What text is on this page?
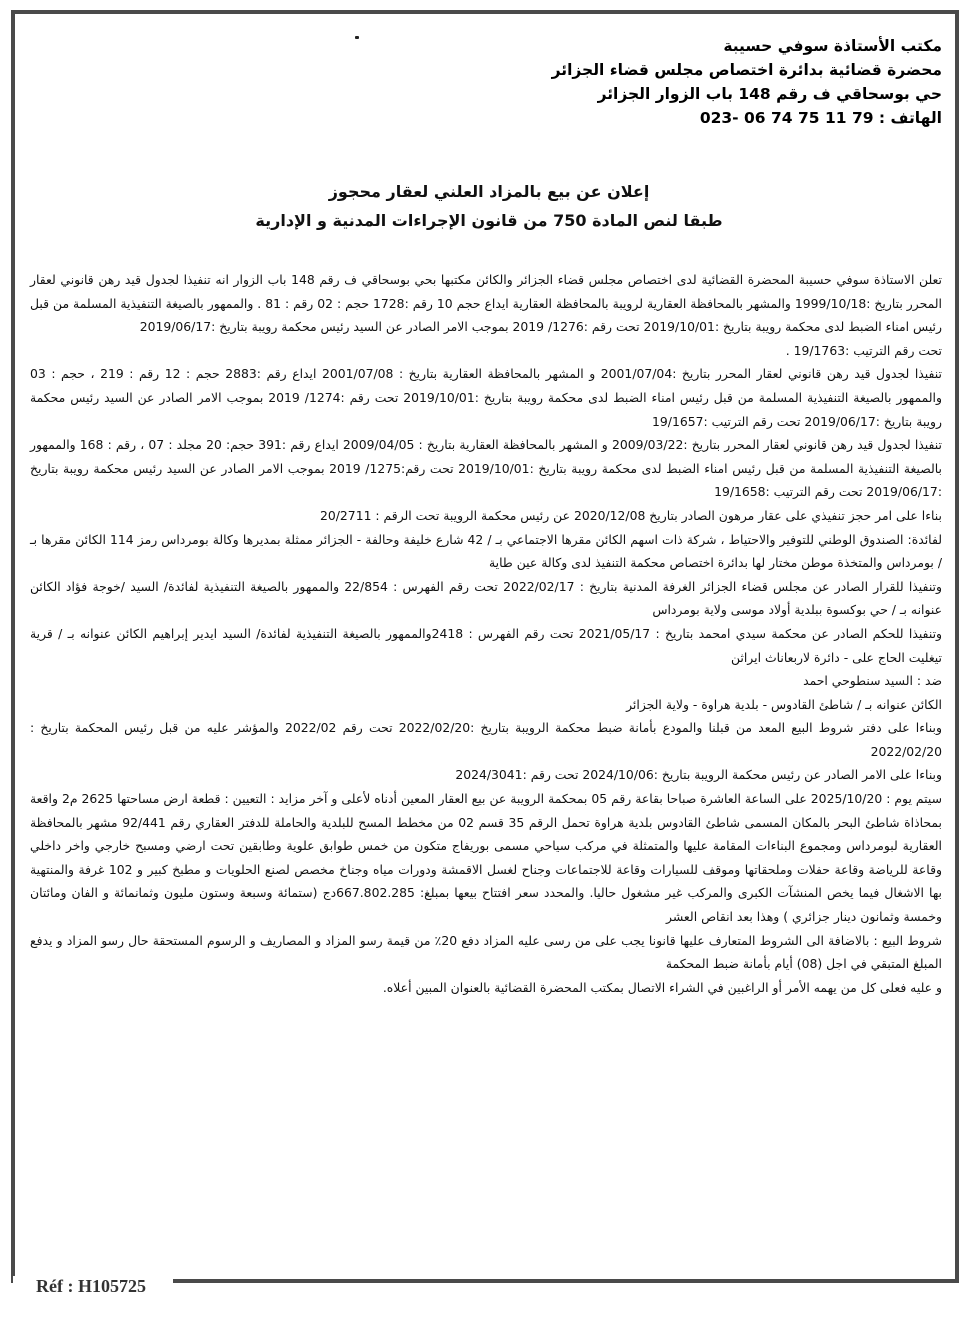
مكتب الأستاذة سوفي حسيبة
محضرة قضائية بدائرة اختصاص مجلس قضاء الجزائر
حي بوسحاقي ف رقم 148 باب الزوار الجزائر
الهاتف : 79 11 75 74 06 -023
إعلان عن بيع بالمزاد العلني لعقار محجوز
طبقا لنص المادة 750 من قانون الإجراءات المدنية و الإدارية

تعلن الاستاذة سوفي حسيبة المحضرة القضائية لدى اختصاص مجلس قضاء الجزائر والكائن مكتبها بحي بوسحاقي ف رقم 148 باب الزوار انه تنفيذا لجدول قيد رهن قانوني لعقار المحرر بتاريخ :1999/10/18 والمشهر بالمحافظة العقارية لرويبة بالمحافظة العقارية ايداع حجم 10 رقم :1728 حجم : 02 رقم : 81 . والممهور بالصيغة التنفيذية المسلمة من قبل رئيس امناء الضبط لدى محكمة رويبة بتاريخ :2019/10/01 تحت رقم :1276/ 2019 بموجب الامر الصادر عن السيد رئيس محكمة رويبة بتاريخ :2019/06/17

تحت رقم الترتيب :19/1763 .

تنفيذا لجدول قيد رهن قانوني لعقار المحرر بتاريخ :2001/07/04 و المشهر بالمحافظة العقارية بتاريخ : 2001/07/08 ايداع رقم :2883 حجم : 12 رقم : 219 ، حجم : 03 والممهور بالصيغة التنفيذية المسلمة من قبل رئيس امناء الضبط لدى محكمة رويبة بتاريخ :2019/10/01 تحت رقم :1274/ 2019 بموجب الامر الصادر عن السيد رئيس محكمة رويبة بتاريخ :2019/06/17 تحت رقم الترتيب :19/1657

تنفيذا لجدول قيد رهن قانوني لعقار المحرر بتاريخ :2009/03/22 و المشهر بالمحافظة العقارية بتاريخ : 2009/04/05 ايداع رقم :391 حجم: 20 مجلد : 07 ، رقم : 168 والممهور بالصيغة التنفيذية المسلمة من قبل رئيس امناء الضبط لدى محكمة رويبة بتاريخ :2019/10/01 تحت رقم:1275/ 2019 بموجب الامر الصادر عن السيد رئيس محكمة رويبة بتاريخ :2019/06/17 تحت رقم الترتيب :19/1658

بناءا على امر حجز تنفيذي على عقار مرهون الصادر بتاريخ 2020/12/08 عن رئيس محكمة الرويبة تحت الرقم : 20/2711

لفائدة: الصندوق الوطني للتوفير والاحتياط ، شركة ذات اسهم الكائن مقرها الاجتماعي بـ / 42 شارع خليفة وحالفة - الجزائر ممثلة بمديرها وكالة بومرداس رمز 114 الكائن مقرها بـ / بومرداس والمتخذة موطن مختار لها بدائرة اختصاص محكمة التنفيذ لدى وكالة عين طاية

وتنفيذا للقرار الصادر عن مجلس قضاء الجزائر الغرفة المدنية بتاريخ : 2022/02/17 تحت رقم الفهرس : 22/854 والممهور بالصيغة التنفيذية لفائدة/ السيد /خوجة فؤاد الكائن عنوانه بـ / حي بوكسوة ببلدية أولاد موسى ولاية بومرداس

وتنفيذا للحكم الصادر عن محكمة سيدي امحمد بتاريخ : 2021/05/17 تحت رقم الفهرس : 2418والممهور بالصيغة التنفيذية لفائدة/ السيد ايدير إبراهيم الكائن عنوانه بـ / قرية تيغليت الحاج على - دائرة لاربعاناث ايراثن

ضد : السيد سنطوحي احمد

الكائن عنوانه بـ / شاطئ القادوس - بلدية هراوة - ولاية الجزائر

وبناءا على دفتر شروط البيع المعد من قبلنا والمودع بأمانة ضبط محكمة الرويبة بتاريخ :2022/02/20 تحت رقم 2022/02 والمؤشر عليه من قبل رئيس المحكمة بتاريخ : 2022/02/20

وبناءا على الامر الصادر عن رئيس محكمة الرويبة بتاريخ :2024/10/06 تحت رقم :2024/3041

سيتم يوم : 2025/10/20 على الساعة العاشرة صباحا بقاعة رقم 05 بمحكمة الرويبة عن بيع العقار المعين أدناه لأعلى و آخر مزايد : التعيين : قطعة ارض مساحتها 2625 م2 واقعة بمحاذاة شاطئ البحر بالمكان المسمى شاطئ القادوس بلدية هراوة تحمل الرقم 35 قسم 02 من مخطط المسح للبلدية والحاملة للدفتر العقاري رقم 92/441 مشهر بالمحافظة العقارية لبومرداس ومجموع البناءات المقامة عليها والمتمثلة في مركب سياحي مسمى بوريفاج متكون من خمس طوابق علوية وطابقين تحت ارضي ومسبح خارجي واخر داخلي وقاعة للرياضة وقاعة حفلات وملحقاتها وموقف للسيارات وقاعة للاجتماعات وجناح لغسل الاقمشة ودورات مياه وجناخ مخصص لصنع الحلويات و مطبخ كبير و 102 غرفة والمنتهية بها الاشغال فيما يخص المنشآت الكبرى والمركب غير مشغول حاليا. والمحدد سعر افتتاح بيعها بمبلغ: 667.802.285دج (ستمائة وسبعة وستون مليون وثمانمائة و الفان ومائتان وخمسة وثمانون دينار جزائري ) وهذا بعد انقاص العشر

شروط البيع : بالاضافة الى الشروط المتعارف عليها قانونا يجب على من رسى عليه المزاد دفع 20٪ من قيمة رسو المزاد و المصاريف و الرسوم المستحقة حال رسو المزاد و يدفع المبلغ المتبقي في اجل (08) أيام بأمانة ضبط المحكمة

و عليه فعلى كل من يهمه الأمر أو الراغبين في الشراء الاتصال بمكتب المحضرة القضائية بالعنوان المبين أعلاه.

Réf : H105725
